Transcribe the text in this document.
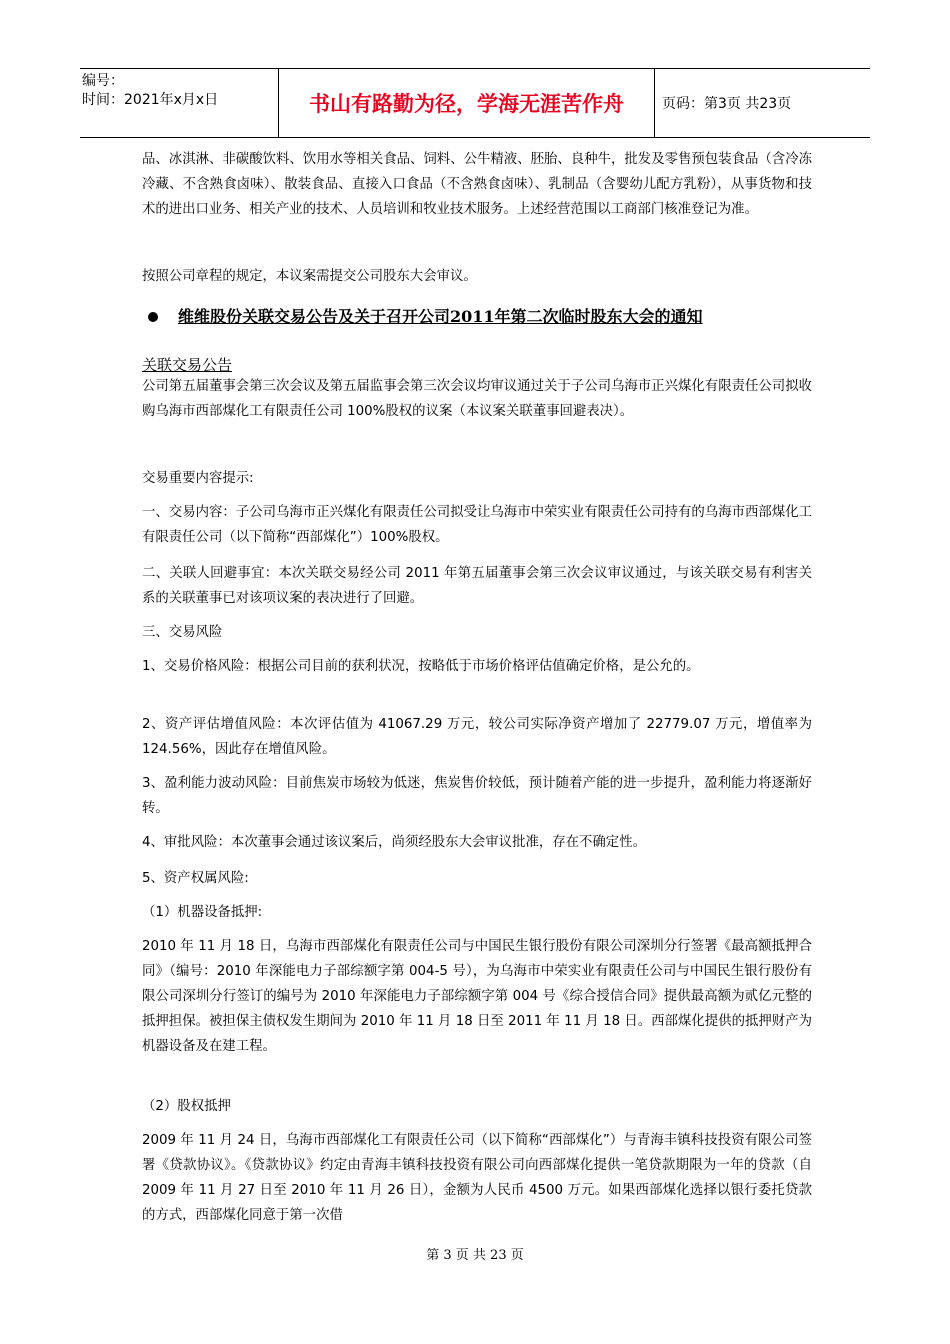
编号：
时间：2021年x月x日	书山有路勤为径，学海无涯苦作舟	页码：第3页 共23页
品、冰淇淋、非碳酸饮料、饮用水等相关食品、饲料、公牛精液、胚胎、良种牛，批发及零售预包装食品（含冷冻冷藏、不含熟食卤味）、散装食品、直接入口食品（不含熟食卤味）、乳制品（含婴幼儿配方乳粉），从事货物和技术的进出口业务、相关产业的技术、人员培训和牧业技术服务。上述经营范围以工商部门核准登记为准。
按照公司章程的规定，本议案需提交公司股东大会审议。
维维股份关联交易公告及关于召开公司2011年第二次临时股东大会的通知
关联交易公告
公司第五届董事会第三次会议及第五届监事会第三次会议均审议通过关于子公司乌海市正兴煤化有限责任公司拟收购乌海市西部煤化工有限责任公司 100%股权的议案（本议案关联董事回避表决）。
交易重要内容提示:
一、交易内容：子公司乌海市正兴煤化有限责任公司拟受让乌海市中荣实业有限责任公司持有的乌海市西部煤化工有限责任公司（以下简称“西部煤化”）100%股权。
二、关联人回避事宜：本次关联交易经公司 2011 年第五届董事会第三次会议审议通过，与该关联交易有利害关系的关联董事已对该项议案的表决进行了回避。
三、交易风险
1、交易价格风险：根据公司目前的获利状况，按略低于市场价格评估值确定价格，是公允的。
2、资产评估增值风险：本次评估值为 41067.29 万元，较公司实际净资产增加了 22779.07 万元，增值率为 124.56%，因此存在增值风险。
3、盈利能力波动风险：目前焦炭市场较为低迷，焦炭售价较低，预计随着产能的进一步提升，盈利能力将逐渐好转。
4、审批风险：本次董事会通过该议案后，尚须经股东大会审议批准，存在不确定性。
5、资产权属风险:
（1）机器设备抵押:
2010 年 11 月 18 日，乌海市西部煤化有限责任公司与中国民生银行股份有限公司深圳分行签署《最高额抵押合同》（编号：2010 年深能电力子部综额字第 004-5 号），为乌海市中荣实业有限责任公司与中国民生银行股份有限公司深圳分行签订的编号为 2010 年深能电力子部综额字第 004 号《综合授信合同》提供最高额为贰亿元整的抵押担保。被担保主债权发生期间为 2010 年 11 月 18 日至 2011 年 11 月 18 日。西部煤化提供的抵押财产为机器设备及在建工程。
（2）股权抵押
2009 年 11 月 24 日，乌海市西部煤化工有限责任公司（以下简称“西部煤化”）与青海丰镇科技投资有限公司签署《贷款协议》。《贷款协议》约定由青海丰镇科技投资有限公司向西部煤化提供一笔贷款期限为一年的贷款（自 2009 年 11 月 27 日至 2010 年 11 月 26 日），金额为人民币 4500 万元。如果西部煤化选择以银行委托贷款的方式，西部煤化同意于第一次借
第 3 页 共 23 页
